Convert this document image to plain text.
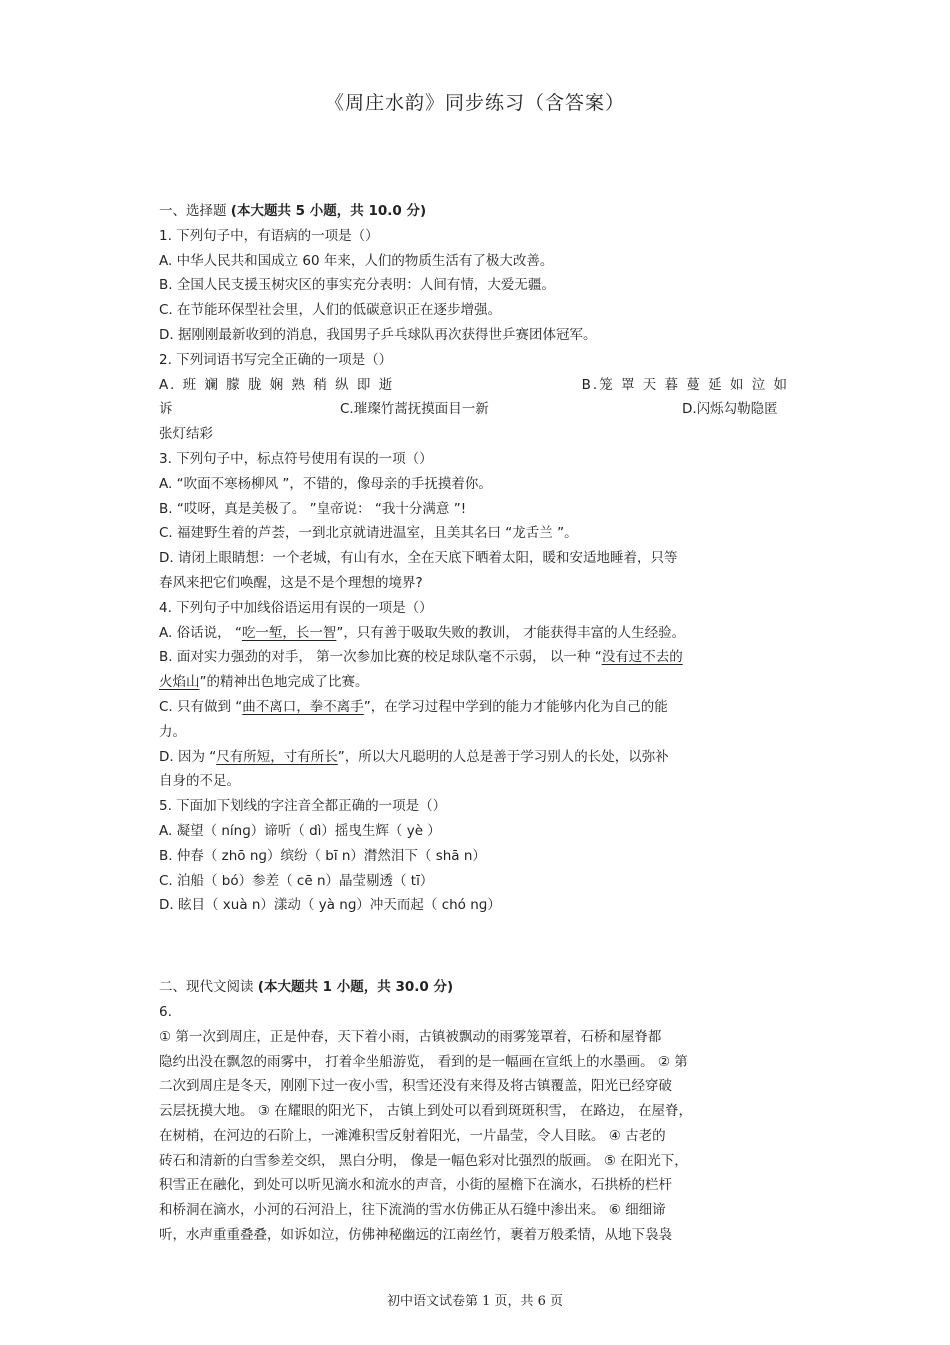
《周庄水韵》同步练习（含答案）
一、选择题 (本大题共 5 小题，共 10.0 分)
1. 下列句子中，有语病的一项是（）
A. 中华人民共和国成立 60 年来，人们的物质生活有了极大改善。
B. 全国人民支援玉树灾区的事实充分表明：人间有情，大爱无疆。
C. 在节能环保型社会里，人们的低碳意识正在逐步增强。
D. 据刚刚最新收到的消息，我国男子乒乓球队再次获得世乒赛团体冠军。
2. 下列词语书写完全正确的一项是（）
A. 班 斓 朦 胧 娴 熟 稍 纵 即 逝	B.笼 罩 天 暮 蔓 延 如 泣 如
诉	C.璀璨竹蒿抚摸面目一新	D.闪烁勾勒隐匿
张灯结彩
3. 下列句子中，标点符号使用有误的一项（）
A. “吹面不寒杨柳风 ”，不错的，像母亲的手抚摸着你。
B. “哎呀，真是美极了。 ”皇帝说： “我十分满意 ”!
C. 福建野生着的芦荟，一到北京就请进温室，且美其名曰 “龙舌兰 ”。
D. 请闭上眼睛想：一个老城，有山有水，全在天底下晒着太阳，暖和安适地睡着，只等
春风来把它们唤醒，这是不是个理想的境界?
4. 下列句子中加线俗语运用有误的一项是（）
A. 俗话说， “吃一堑，长一智”，只有善于吸取失败的教训， 才能获得丰富的人生经验。
B. 面对实力强劲的对手， 第一次参加比赛的校足球队毫不示弱， 以一种 “没有过不去的
火焰山”的精神出色地完成了比赛。
C. 只有做到 “曲不离口，拳不离手”，在学习过程中学到的能力才能够内化为自己的能
力。
D. 因为 “尺有所短，寸有所长”，所以大凡聪明的人总是善于学习别人的长处，以弥补
自身的不足。
5. 下面加下划线的字注音全都正确的一项是（）
A. 凝望（ nínɡ）谛听（ dì）摇曳生辉（ yè ）
B. 仲春（ zhō nɡ）缤纷（ bī n）潸然泪下（ shā n）
C. 泊船（ bó）参差（ cē n）晶莹剔透（ tī）
D. 眩目（ xuà n）漾动（ yà nɡ）冲天而起（ chó nɡ）
二、现代文阅读 (本大题共 1 小题，共 30.0 分)
6.
① 第一次到周庄，正是仲春，天下着小雨，古镇被飘动的雨雾笼罩着，石桥和屋脊都
隐约出没在飘忽的雨雾中， 打着伞坐船游览， 看到的是一幅画在宣纸上的水墨画。 ② 第
二次到周庄是冬天，刚刚下过一夜小雪，积雪还没有来得及将古镇覆盖，阳光已经穿破
云层抚摸大地。 ③ 在耀眼的阳光下， 古镇上到处可以看到斑斑积雪， 在路边， 在屋脊，
在树梢，在河边的石阶上，一滩滩积雪反射着阳光，一片晶莹，令人目眩。 ④ 古老的
砖石和清新的白雪参差交织， 黑白分明， 像是一幅色彩对比强烈的版画。 ⑤ 在阳光下，
积雪正在融化，到处可以听见滴水和流水的声音，小街的屋檐下在滴水，石拱桥的栏杆
和桥洞在滴水，小河的石河沿上，往下流淌的雪水仿佛正从石缝中渗出来。 ⑥ 细细谛
听，水声重重叠叠，如诉如泣，仿佛神秘幽远的江南丝竹，裹着万般柔情，从地下袅袅
初中语文试卷第 1 页，共 6 页
